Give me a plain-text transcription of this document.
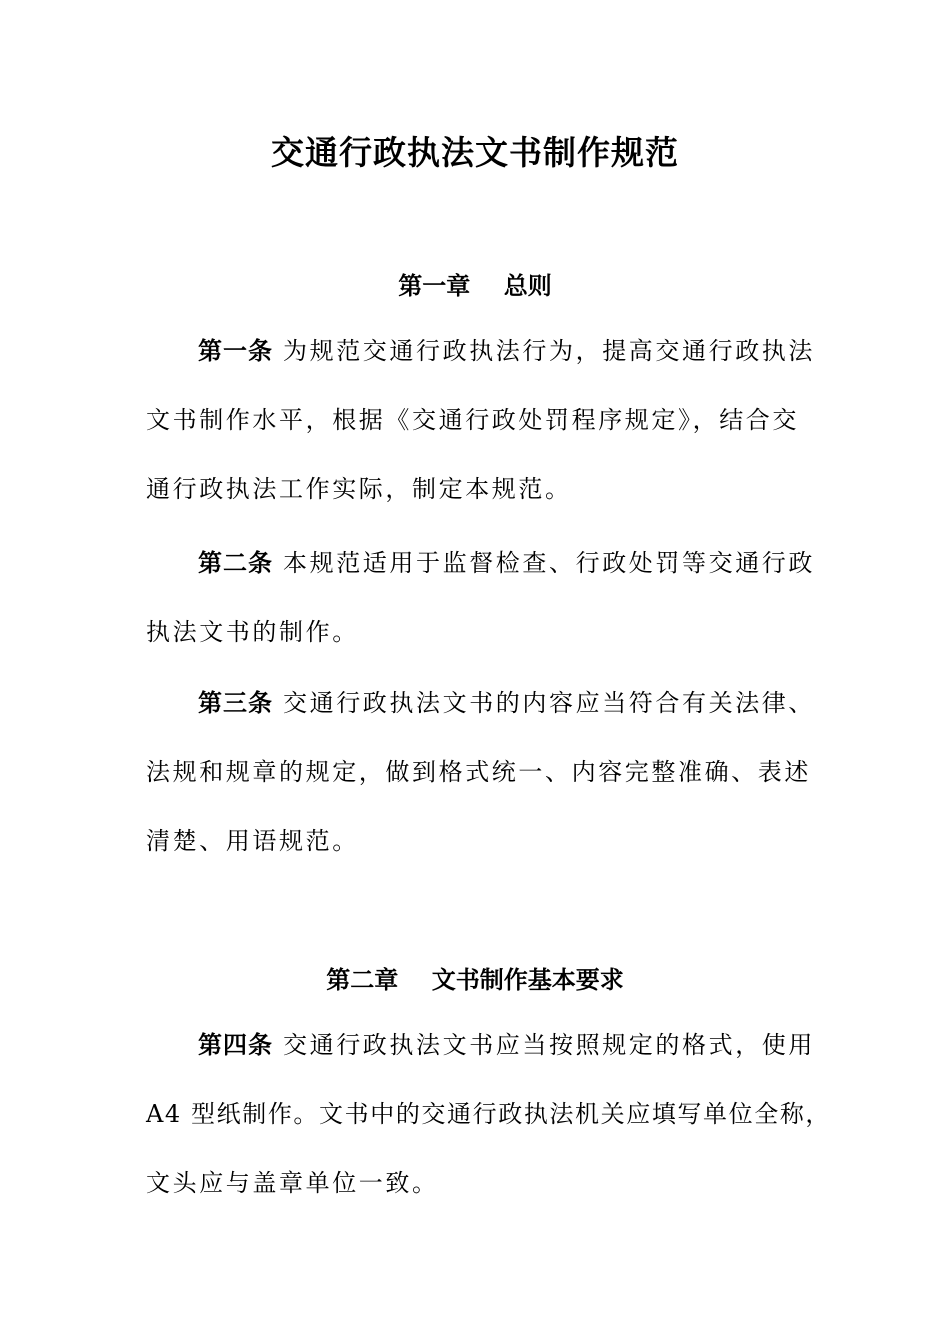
交通行政执法文书制作规范
第一章    总则

第一条 为规范交通行政执法行为，提高交通行政执法
文书制作水平，根据《交通行政处罚程序规定》，结合交
通行政执法工作实际，制定本规范。

第二条 本规范适用于监督检查、行政处罚等交通行政
执法文书的制作。

第三条 交通行政执法文书的内容应当符合有关法律、
法规和规章的规定，做到格式统一、内容完整准确、表述
清楚、用语规范。

第二章    文书制作基本要求

第四条 交通行政执法文书应当按照规定的格式，使用
A4 型纸制作。文书中的交通行政执法机关应填写单位全称，
文头应与盖章单位一致。
